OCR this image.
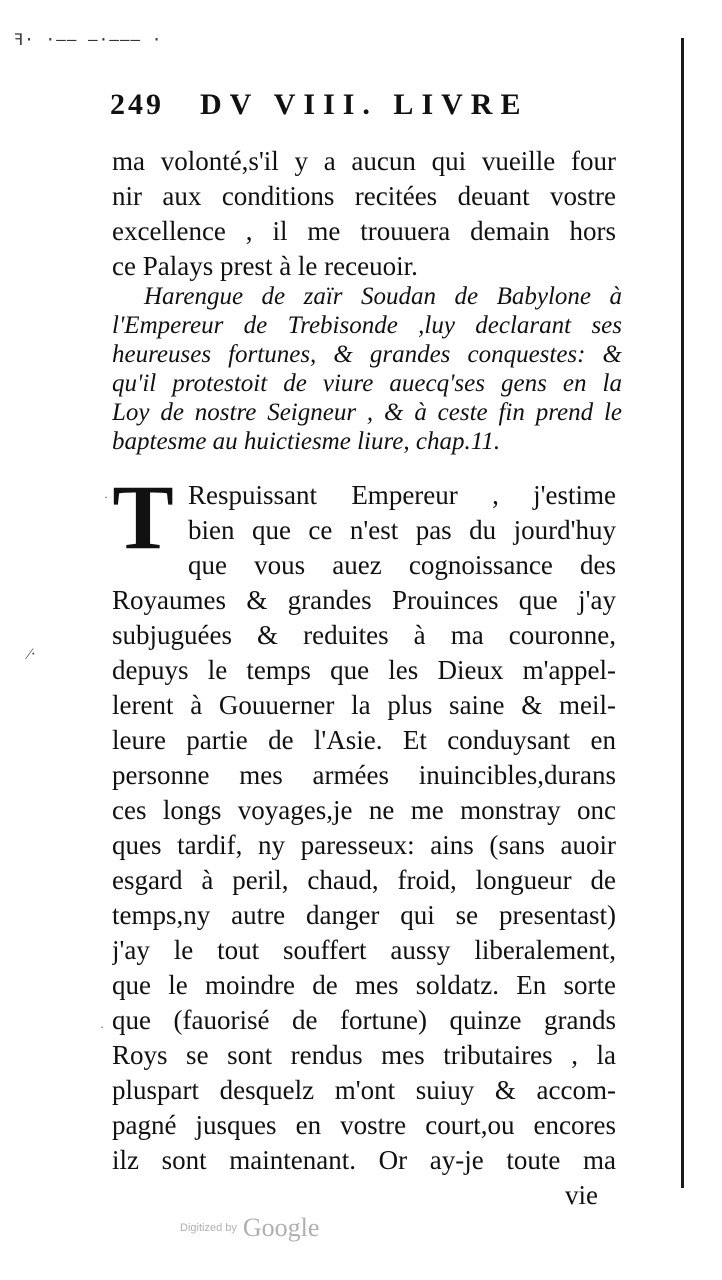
ꟻ· ·‒‒ ‒·‒‒‒ ·
⁄·
·
·
249 DV VIII. LIVRE
ma volonté,s'il y a aucun qui vueille four
nir aux conditions recitées deuant vostre
excellence , il me trouuera demain hors
ce Palays prest à le receuoir.
Harengue de zaïr Soudan de Babylone à
l'Empereur de Trebisonde ,luy declarant ses
heureuses fortunes, & grandes conquestes: &
qu'il protestoit de viure auecq'ses gens en la
Loy de nostre Seigneur , & à ceste fin prend le
baptesme au huictiesme liure, chap.11.
T Respuissant Empereur , j'estime
bien que ce n'est pas du jourd'huy
que vous auez cognoissance des
Royaumes & grandes Prouinces que j'ay
subjuguées & reduites à ma couronne,
depuys le temps que les Dieux m'appel-
lerent à Gouuerner la plus saine & meil-
leure partie de l'Asie. Et conduysant en
personne mes armées inuincibles,durans
ces longs voyages,je ne me monstray onc
ques tardif, ny paresseux: ains (sans auoir
esgard à peril, chaud, froid, longueur de
temps,ny autre danger qui se presentast)
j'ay le tout souffert aussy liberalement,
que le moindre de mes soldatz. En sorte
que (fauorisé de fortune) quinze grands
Roys se sont rendus mes tributaires , la
pluspart desquelz m'ont suiuy & accom-
pagné jusques en vostre court,ou encores
ilz sont maintenant. Or ay-je toute ma
vie
Digitized by Google
